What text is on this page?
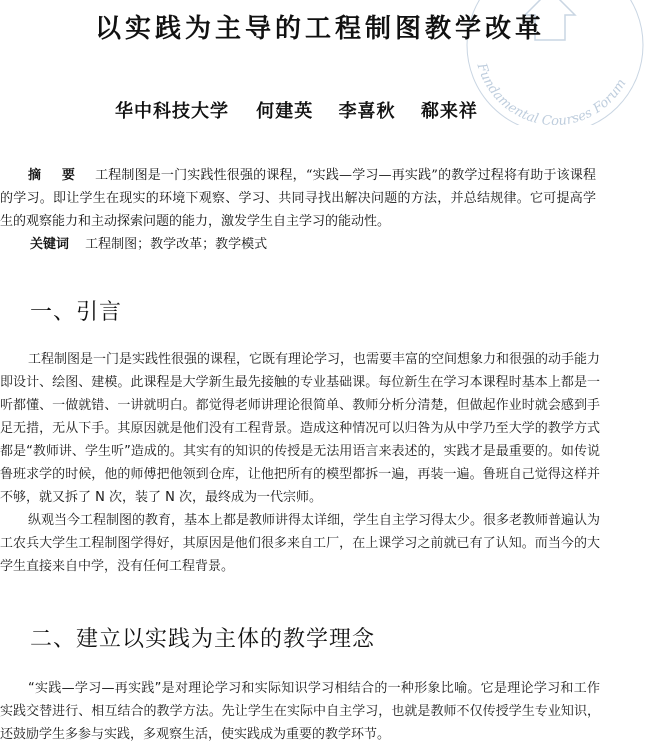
Fundamental Courses Forum
以实践为主导的工程制图教学改革
华中科技大学 何建英 李喜秋 郗来祥

摘 要 工程制图是一门实践性很强的课程，“实践—学习—再实践”的教学过程将有助于该课程的学习。即让学生在现实的环境下观察、学习、共同寻找出解决问题的方法，并总结规律。它可提高学生的观察能力和主动探索问题的能力，激发学生自主学习的能动性。

关键词 工程制图；教学改革；教学模式
一、引言

工程制图是一门是实践性很强的课程，它既有理论学习，也需要丰富的空间想象力和很强的动手能力即设计、绘图、建模。此课程是大学新生最先接触的专业基础课。每位新生在学习本课程时基本上都是一听都懂、一做就错、一讲就明白。都觉得老师讲理论很简单、教师分析分清楚，但做起作业时就会感到手足无措，无从下手。其原因就是他们没有工程背景。造成这种情况可以归咎为从中学乃至大学的教学方式都是“教师讲、学生听”造成的。其实有的知识的传授是无法用语言来表述的，实践才是最重要的。如传说鲁班求学的时候，他的师傅把他领到仓库，让他把所有的模型都拆一遍，再装一遍。鲁班自己觉得这样并不够，就又拆了 N 次，装了 N 次，最终成为一代宗师。

纵观当今工程制图的教育，基本上都是教师讲得太详细，学生自主学习得太少。很多老教师普遍认为工农兵大学生工程制图学得好，其原因是他们很多来自工厂，在上课学习之前就已有了认知。而当今的大学生直接来自中学，没有任何工程背景。

二、建立以实践为主体的教学理念

“实践—学习—再实践”是对理论学习和实际知识学习相结合的一种形象比喻。它是理论学习和工作实践交替进行、相互结合的教学方法。先让学生在实际中自主学习，也就是教师不仅传授学生专业知识，还鼓励学生多参与实践，多观察生活，使实践成为重要的教学环节。
